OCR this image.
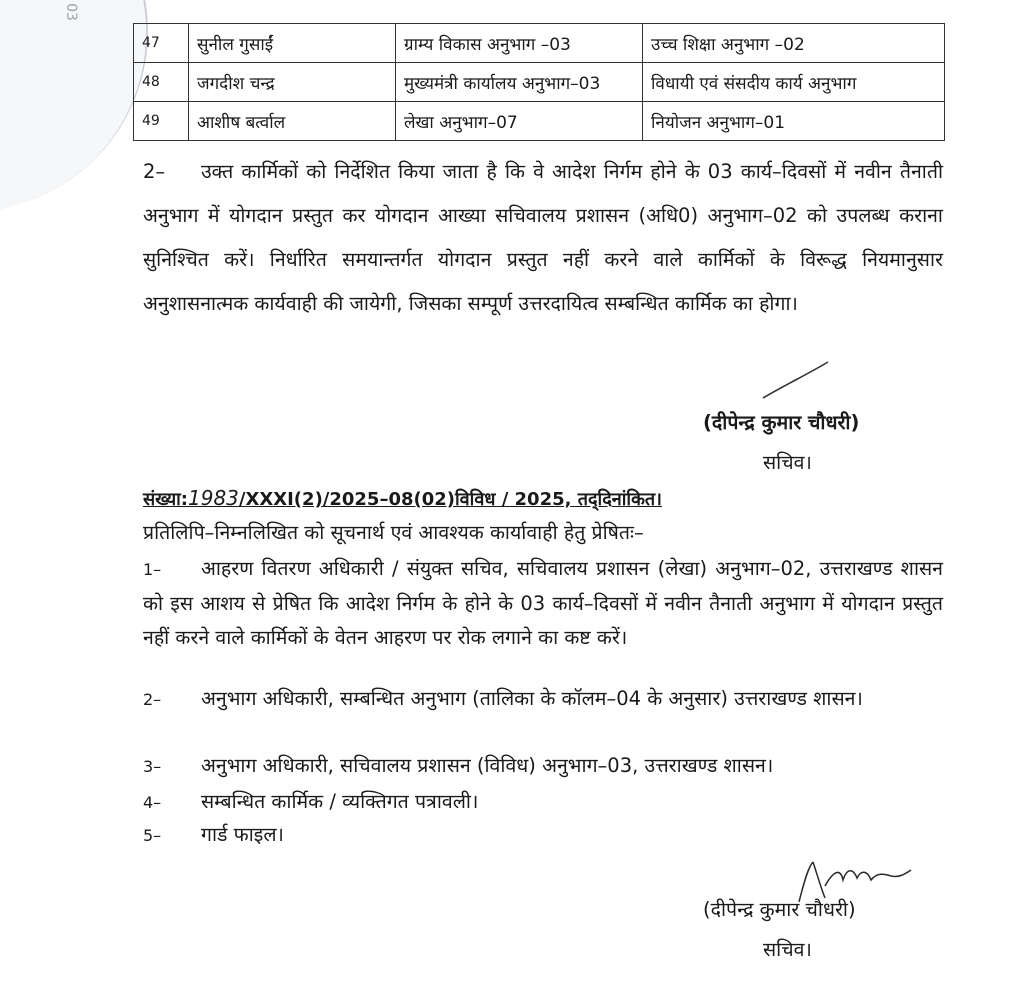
03
47	सुनील गुसाईं	ग्राम्य विकास अनुभाग –03	उच्च शिक्षा अनुभाग –02
48	जगदीश चन्द्र	मुख्यमंत्री कार्यालय अनुभाग–03	विधायी एवं संसदीय कार्य अनुभाग
49	आशीष बर्त्वाल	लेखा अनुभाग–07	नियोजन अनुभाग–01
2– उक्त कार्मिकों को निर्देशित किया जाता है कि वे आदेश निर्गम होने के 03 कार्य–दिवसों में नवीन तैनाती अनुभाग में योगदान प्रस्तुत कर योगदान आख्या सचिवालय प्रशासन (अधि0) अनुभाग–02 को उपलब्ध कराना सुनिश्चित करें। निर्धारित समयान्तर्गत योगदान प्रस्तुत नहीं करने वाले कार्मिकों के विरूद्ध नियमानुसार अनुशासनात्मक कार्यवाही की जायेगी, जिसका सम्पूर्ण उत्तरदायित्व सम्बन्धित कार्मिक का होगा।
(दीपेन्द्र कुमार चौधरी)
सचिव।
संख्या:1983/XXXI(2)/2025–08(02)विविध / 2025, तद्‌दिनांकित।
प्रतिलिपि–निम्नलिखित को सूचनार्थ एवं आवश्यक कार्यावाही हेतु प्रेषितः–
1– आहरण वितरण अधिकारी / संयुक्त सचिव, सचिवालय प्रशासन (लेखा) अनुभाग–02, उत्तराखण्ड शासन को इस आशय से प्रेषित कि आदेश निर्गम के होने के 03 कार्य–दिवसों में नवीन तैनाती अनुभाग में योगदान प्रस्तुत नहीं करने वाले कार्मिकों के वेतन आहरण पर रोक लगाने का कष्ट करें।
2– अनुभाग अधिकारी, सम्बन्धित अनुभाग (तालिका के कॉलम–04 के अनुसार) उत्तराखण्ड शासन।
3– अनुभाग अधिकारी, सचिवालय प्रशासन (विविध) अनुभाग–03, उत्तराखण्ड शासन।
4– सम्बन्धित कार्मिक / व्यक्तिगत पत्रावली।
5– गार्ड फाइल।
(दीपेन्द्र कुमार चौधरी)
सचिव।
